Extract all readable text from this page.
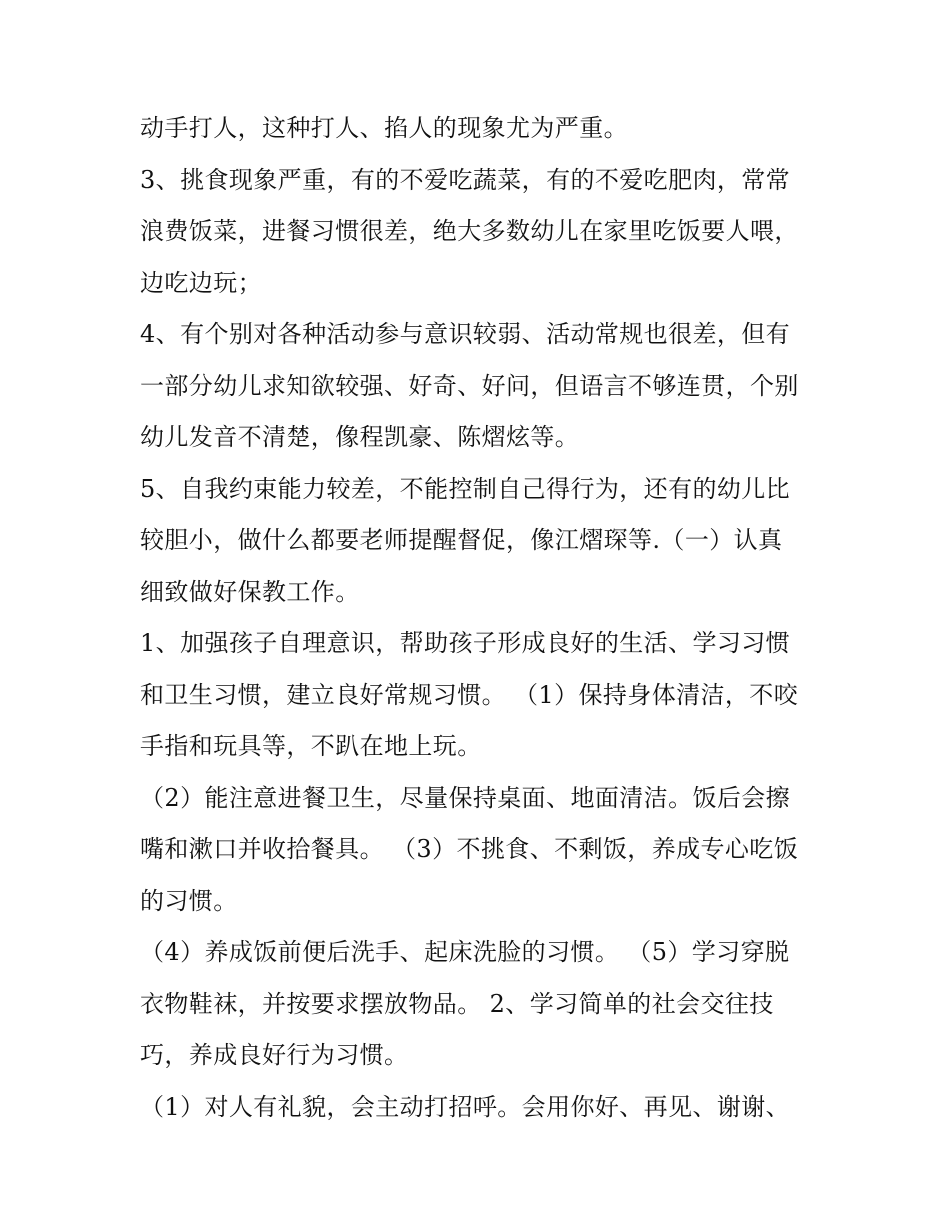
动手打人，这种打人、掐人的现象尤为严重。
3、挑食现象严重，有的不爱吃蔬菜，有的不爱吃肥肉，常常
浪费饭菜，进餐习惯很差，绝大多数幼儿在家里吃饭要人喂，
边吃边玩；
4、有个别对各种活动参与意识较弱、活动常规也很差，但有
一部分幼儿求知欲较强、好奇、好问，但语言不够连贯，个别
幼儿发音不清楚，像程凯豪、陈熠炫等。
5、自我约束能力较差，不能控制自己得行为，还有的幼儿比
较胆小，做什么都要老师提醒督促，像江熠琛等.（一）认真
细致做好保教工作。
1、加强孩子自理意识，帮助孩子形成良好的生活、学习习惯
和卫生习惯，建立良好常规习惯。 （1）保持身体清洁，不咬
手指和玩具等，不趴在地上玩。
（2）能注意进餐卫生，尽量保持桌面、地面清洁。饭后会擦
嘴和漱口并收拾餐具。 （3）不挑食、不剩饭，养成专心吃饭
的习惯。
（4）养成饭前便后洗手、起床洗脸的习惯。 （5）学习穿脱
衣物鞋袜，并按要求摆放物品。 2、学习简单的社会交往技
巧，养成良好行为习惯。
（1）对人有礼貌，会主动打招呼。会用你好、再见、谢谢、
